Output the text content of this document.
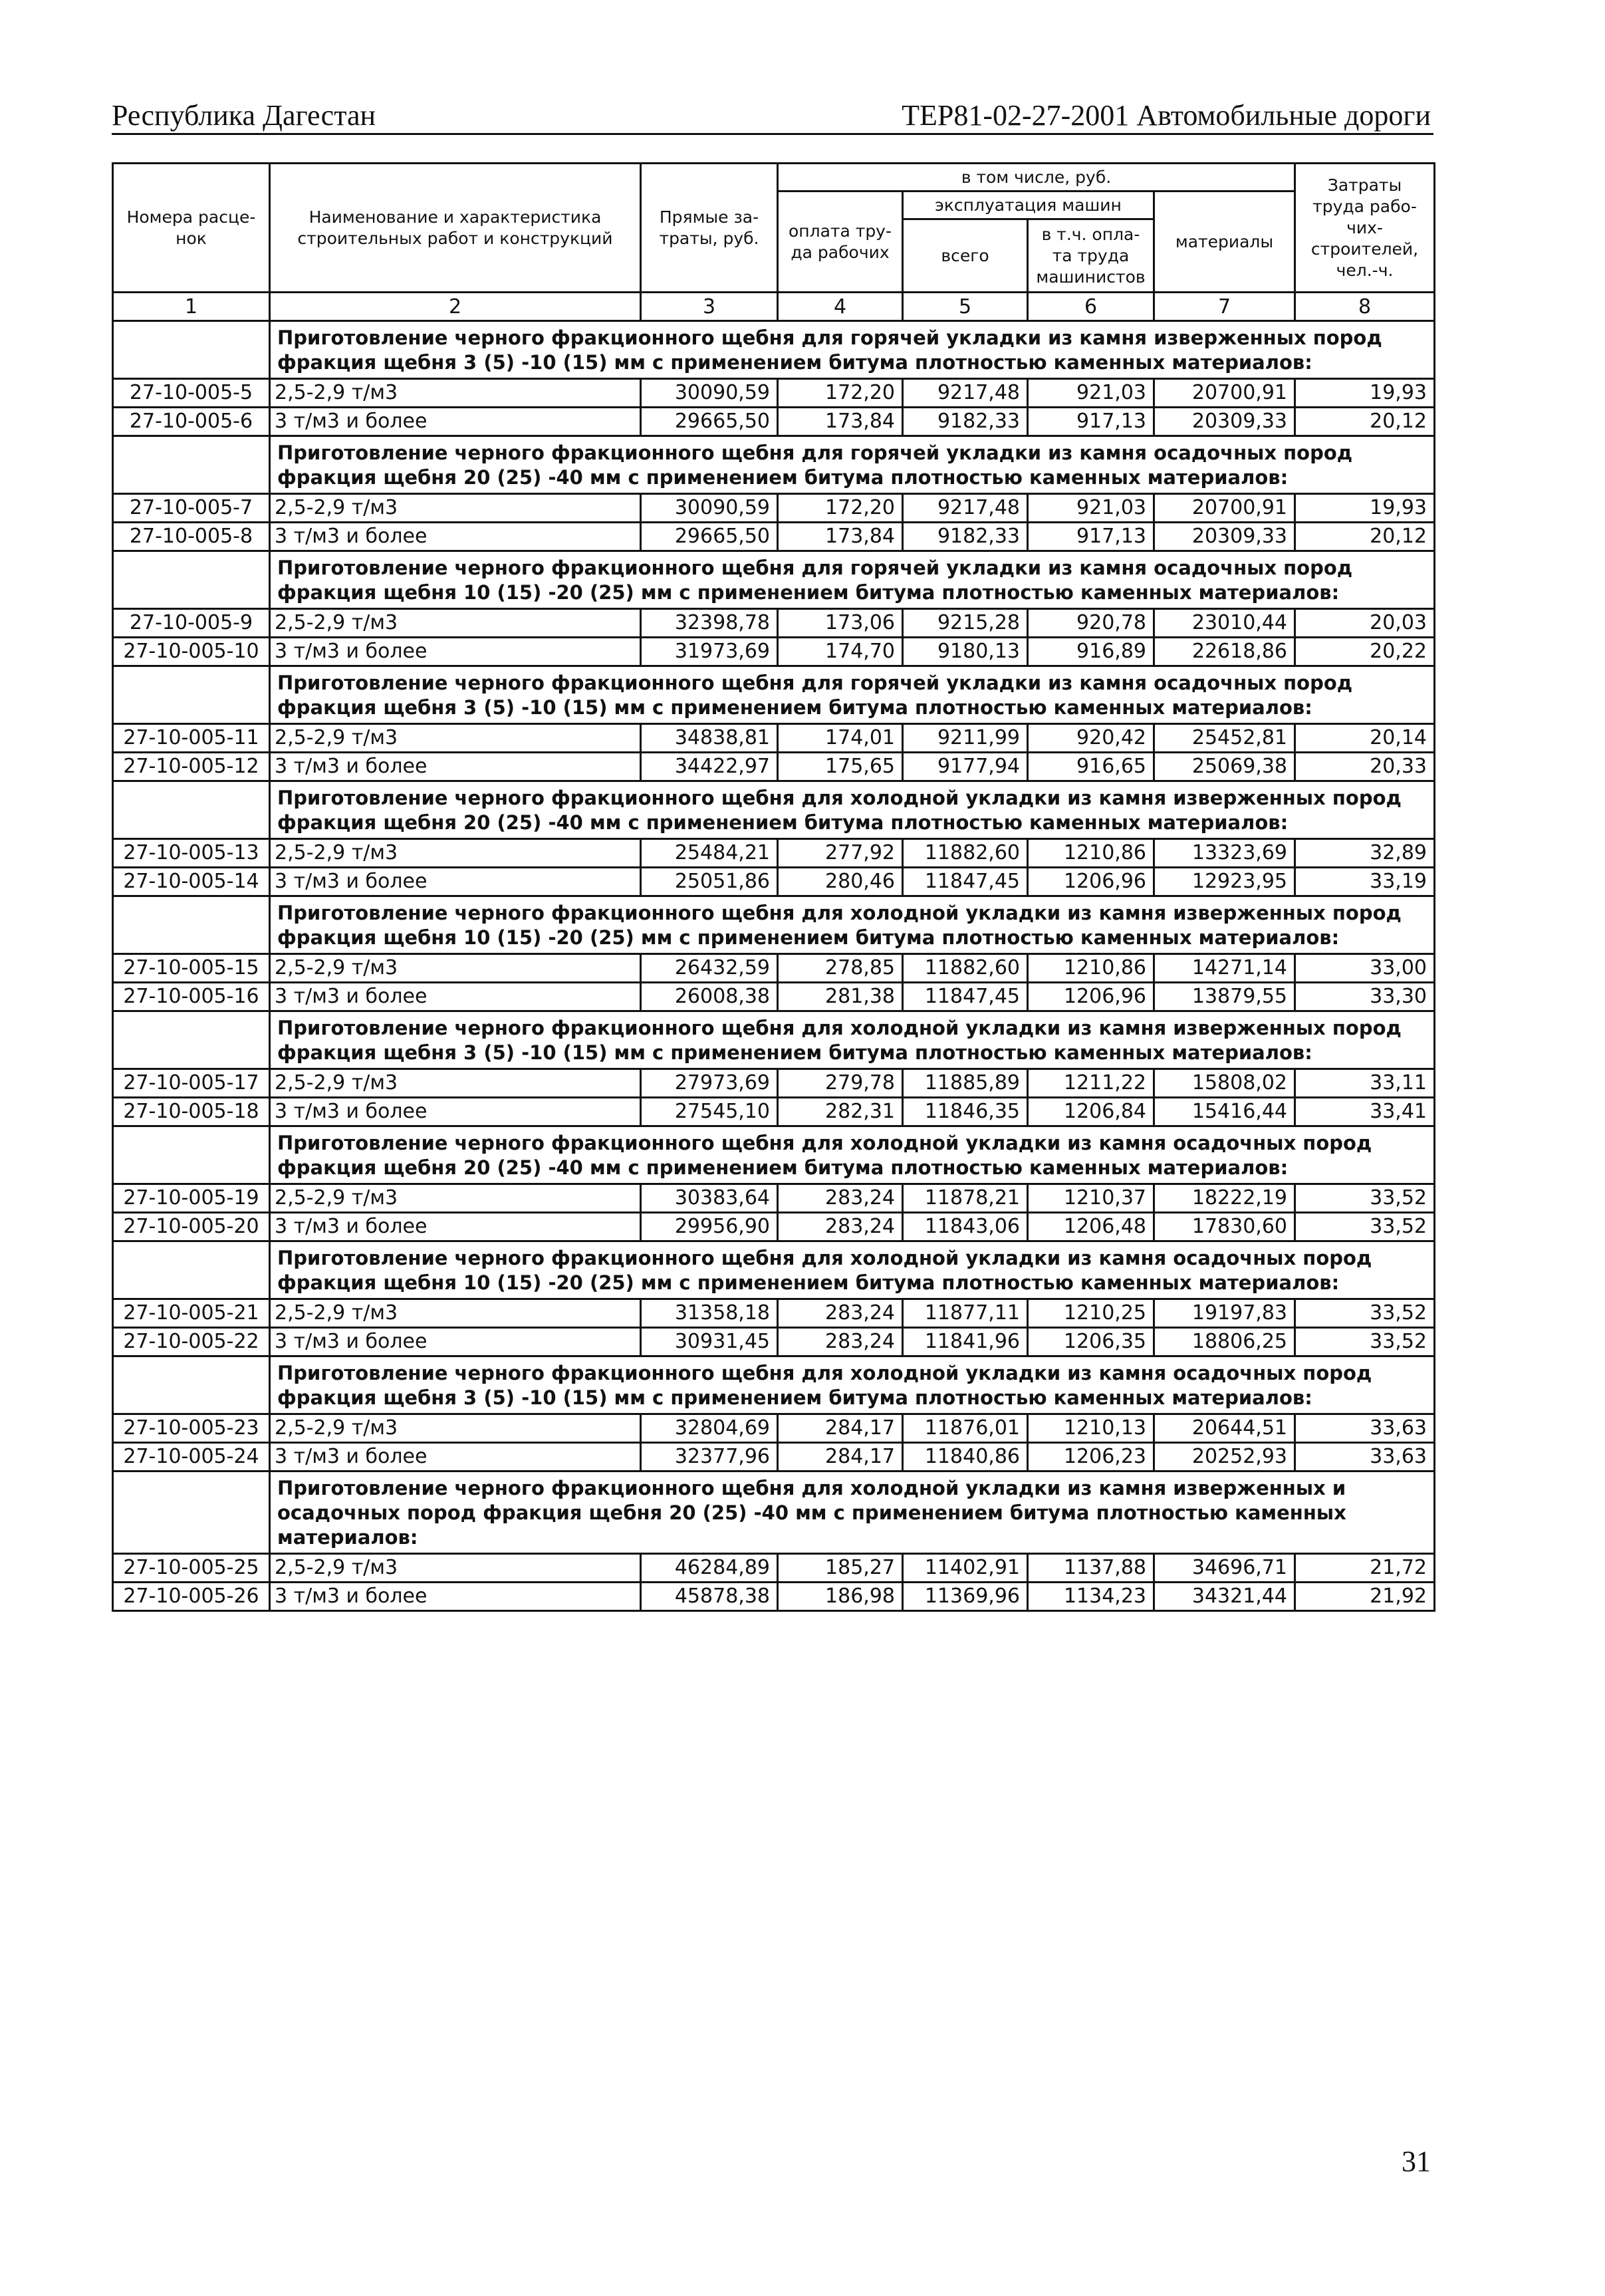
Республика Дагестан	ТЕР81-02-27-2001 Автомобильные дороги
Номера расце-нок	Наименование и характеристика строительных работ и конструкций	Прямые за-траты, руб.	в том числе, руб.				Затраты труда рабо-чих-строителей, чел.-ч.
			оплата тру-да рабочих	эксплуатация машин		материалы	
				всего	в т.ч. опла-та труда машинистов		
1	2	3	4	5	6	7	8
	Приготовление черного фракционного щебня для горячей укладки из камня изверженных пород фракция щебня 3 (5) -10 (15) мм с применением битума плотностью каменных материалов:						
27-10-005-5	2,5-2,9 т/м3	30090,59	172,20	9217,48	921,03	20700,91	19,93
27-10-005-6	3 т/м3 и более	29665,50	173,84	9182,33	917,13	20309,33	20,12
	Приготовление черного фракционного щебня для горячей укладки из камня осадочных пород фракция щебня 20 (25) -40 мм с применением битума плотностью каменных материалов:						
27-10-005-7	2,5-2,9 т/м3	30090,59	172,20	9217,48	921,03	20700,91	19,93
27-10-005-8	3 т/м3 и более	29665,50	173,84	9182,33	917,13	20309,33	20,12
	Приготовление черного фракционного щебня для горячей укладки из камня осадочных пород фракция щебня 10 (15) -20 (25) мм с применением битума плотностью каменных материалов:						
27-10-005-9	2,5-2,9 т/м3	32398,78	173,06	9215,28	920,78	23010,44	20,03
27-10-005-10	3 т/м3 и более	31973,69	174,70	9180,13	916,89	22618,86	20,22
	Приготовление черного фракционного щебня для горячей укладки из камня осадочных пород фракция щебня 3 (5) -10 (15) мм с применением битума плотностью каменных материалов:						
27-10-005-11	2,5-2,9 т/м3	34838,81	174,01	9211,99	920,42	25452,81	20,14
27-10-005-12	3 т/м3 и более	34422,97	175,65	9177,94	916,65	25069,38	20,33
	Приготовление черного фракционного щебня для холодной укладки из камня изверженных пород фракция щебня 20 (25) -40 мм с применением битума плотностью каменных материалов:						
27-10-005-13	2,5-2,9 т/м3	25484,21	277,92	11882,60	1210,86	13323,69	32,89
27-10-005-14	3 т/м3 и более	25051,86	280,46	11847,45	1206,96	12923,95	33,19
	Приготовление черного фракционного щебня для холодной укладки из камня изверженных пород фракция щебня 10 (15) -20 (25) мм с применением битума плотностью каменных материалов:						
27-10-005-15	2,5-2,9 т/м3	26432,59	278,85	11882,60	1210,86	14271,14	33,00
27-10-005-16	3 т/м3 и более	26008,38	281,38	11847,45	1206,96	13879,55	33,30
	Приготовление черного фракционного щебня для холодной укладки из камня изверженных пород фракция щебня 3 (5) -10 (15) мм с применением битума плотностью каменных материалов:						
27-10-005-17	2,5-2,9 т/м3	27973,69	279,78	11885,89	1211,22	15808,02	33,11
27-10-005-18	3 т/м3 и более	27545,10	282,31	11846,35	1206,84	15416,44	33,41
	Приготовление черного фракционного щебня для холодной укладки из камня осадочных пород фракция щебня 20 (25) -40 мм с применением битума плотностью каменных материалов:						
27-10-005-19	2,5-2,9 т/м3	30383,64	283,24	11878,21	1210,37	18222,19	33,52
27-10-005-20	3 т/м3 и более	29956,90	283,24	11843,06	1206,48	17830,60	33,52
	Приготовление черного фракционного щебня для холодной укладки из камня осадочных пород фракция щебня 10 (15) -20 (25) мм с применением битума плотностью каменных материалов:						
27-10-005-21	2,5-2,9 т/м3	31358,18	283,24	11877,11	1210,25	19197,83	33,52
27-10-005-22	3 т/м3 и более	30931,45	283,24	11841,96	1206,35	18806,25	33,52
	Приготовление черного фракционного щебня для холодной укладки из камня осадочных пород фракция щебня 3 (5) -10 (15) мм с применением битума плотностью каменных материалов:						
27-10-005-23	2,5-2,9 т/м3	32804,69	284,17	11876,01	1210,13	20644,51	33,63
27-10-005-24	3 т/м3 и более	32377,96	284,17	11840,86	1206,23	20252,93	33,63
	Приготовление черного фракционного щебня для холодной укладки из камня изверженных и осадочных пород фракция щебня 20 (25) -40 мм с применением битума плотностью каменных материалов:						
27-10-005-25	2,5-2,9 т/м3	46284,89	185,27	11402,91	1137,88	34696,71	21,72
27-10-005-26	3 т/м3 и более	45878,38	186,98	11369,96	1134,23	34321,44	21,92
31
